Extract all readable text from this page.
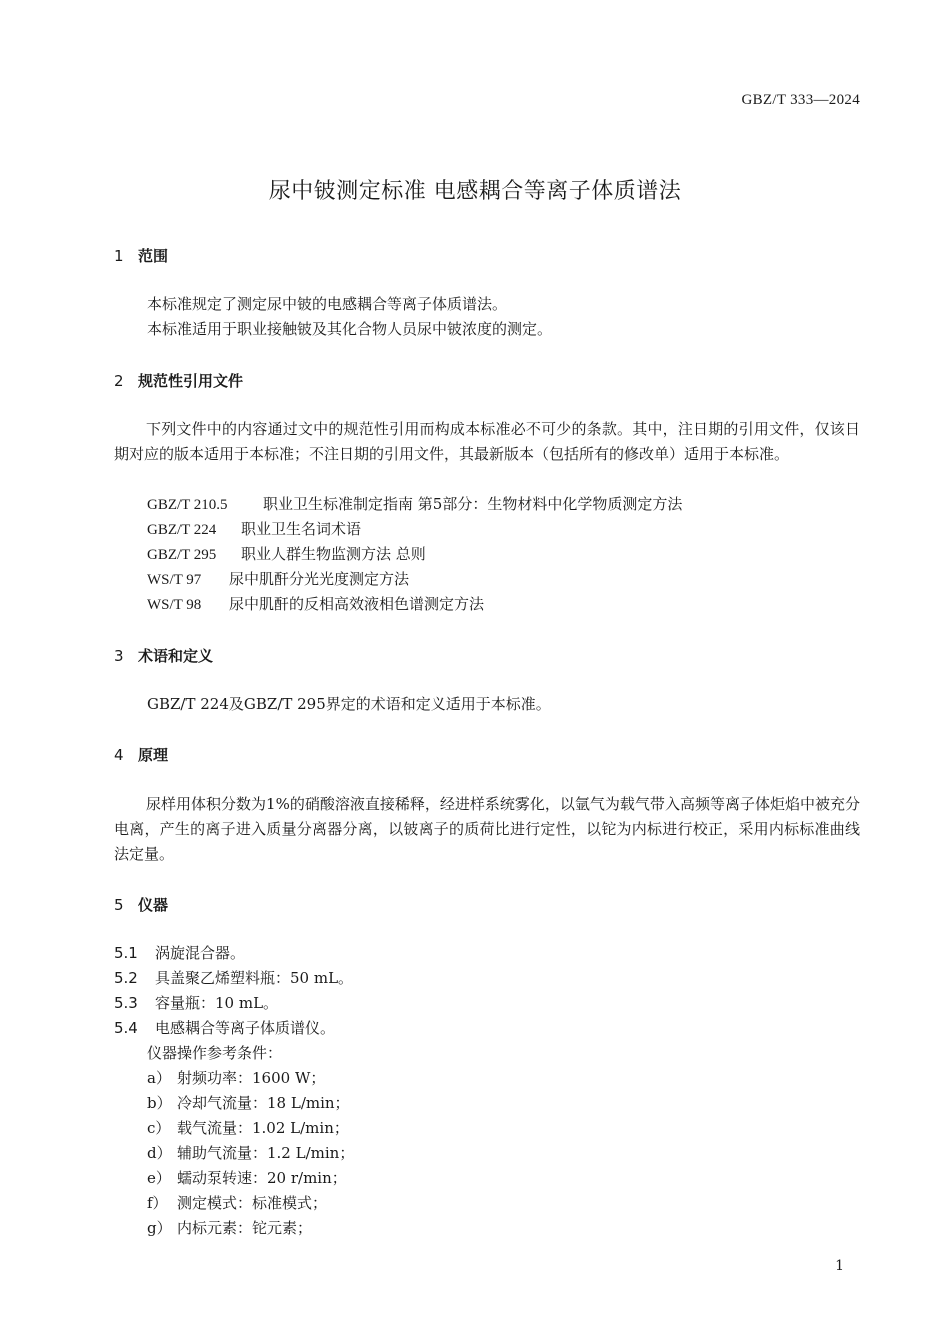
GBZ/T 333—2024
尿中铍测定标准 电感耦合等离子体质谱法
1 范围
本标准规定了测定尿中铍的电感耦合等离子体质谱法。
本标准适用于职业接触铍及其化合物人员尿中铍浓度的测定。
2 规范性引用文件
下列文件中的内容通过文中的规范性引用而构成本标准必不可少的条款。其中，注日期的引用文件，仅该日期对应的版本适用于本标准；不注日期的引用文件，其最新版本（包括所有的修改单）适用于本标准。
GBZ/T 210.5 职业卫生标准制定指南 第5部分：生物材料中化学物质测定方法
GBZ/T 224 职业卫生名词术语
GBZ/T 295 职业人群生物监测方法 总则
WS/T 97 尿中肌酐分光光度测定方法
WS/T 98 尿中肌酐的反相高效液相色谱测定方法
3 术语和定义
GBZ/T 224及GBZ/T 295界定的术语和定义适用于本标准。
4 原理
尿样用体积分数为1%的硝酸溶液直接稀释，经进样系统雾化，以氩气为载气带入高频等离子体炬焰中被充分电离，产生的离子进入质量分离器分离，以铍离子的质荷比进行定性，以铊为内标进行校正，采用内标标准曲线法定量。
5 仪器
5.1 涡旋混合器。
5.2 具盖聚乙烯塑料瓶：50 mL。
5.3 容量瓶：10 mL。
5.4 电感耦合等离子体质谱仪。
仪器操作参考条件：
a） 射频功率：1600 W；
b） 冷却气流量：18 L/min；
c） 载气流量：1.02 L/min；
d） 辅助气流量：1.2 L/min；
e） 蠕动泵转速：20 r/min；
f） 测定模式：标准模式；
g） 内标元素：铊元素；
1
